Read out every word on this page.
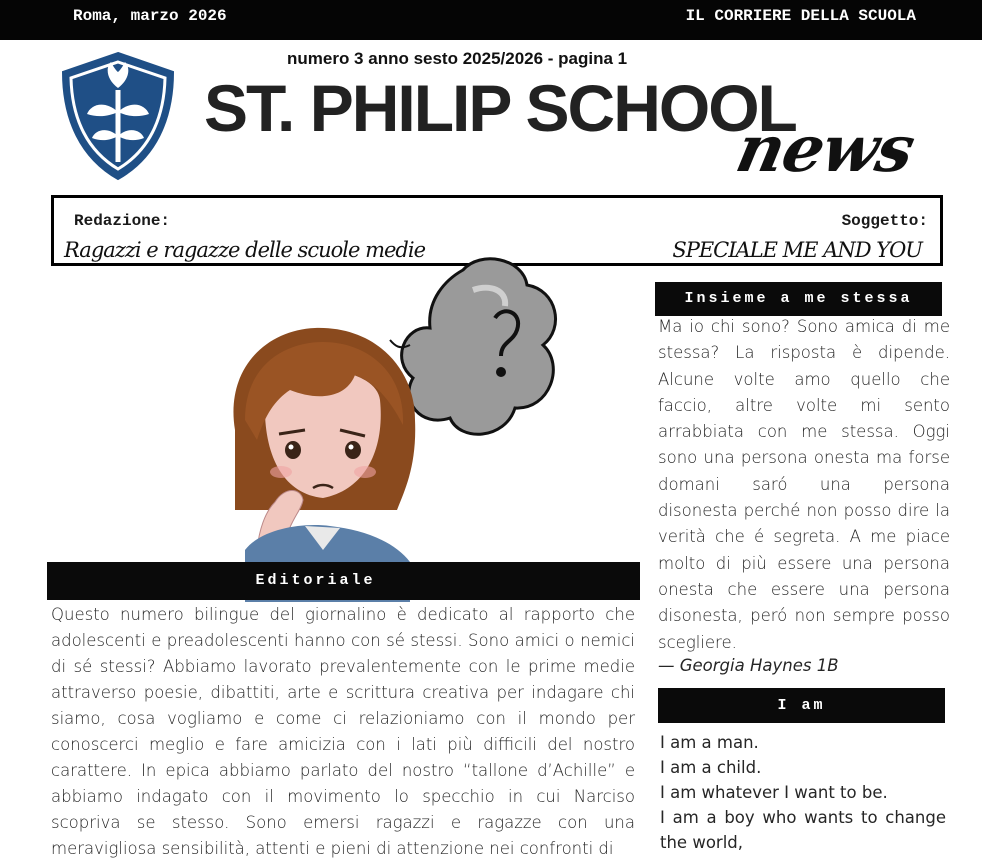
Roma, marzo 2026	IL CORRIERE DELLA SCUOLA
numero 3 anno sesto 2025/2026 - pagina 1
ST. PHILIP SCHOOL
news
Redazione:	Soggetto:
Ragazzi e ragazze delle scuole medie	SPECIALE ME AND YOU
Editoriale
Questo numero bilingue del giornalino è dedicato al rapporto che adolescenti e preadolescenti hanno con sé stessi. Sono amici o nemici di sé stessi? Abbiamo lavorato prevalentemente con le prime medie attraverso poesie, dibattiti, arte e scrittura creativa per indagare chi siamo, cosa vogliamo e come ci relazioniamo con il mondo per conoscerci meglio e fare amicizia con i lati più difficili del nostro carattere. In epica abbiamo parlato del nostro “tallone d’Achille” e abbiamo indagato con il movimento lo specchio in cui Narciso scopriva se stesso. Sono emersi ragazzi e ragazze con una meravigliosa sensibilità, attenti e pieni di attenzione nei confronti di
Insieme a me stessa
Ma io chi sono? Sono amica di me stessa? La risposta è dipende. Alcune volte amo quello che faccio, altre volte mi sento arrabbiata con me stessa. Oggi sono una persona onesta ma forse domani saró una persona disonesta perché non posso dire la verità che é segreta. A me piace molto di più essere una persona onesta che essere una persona disonesta, peró non sempre posso scegliere.
— Georgia Haynes 1B
I am
I am a man.
I am a child.
I am whatever I want to be.
I am a boy who wants to change the world,
